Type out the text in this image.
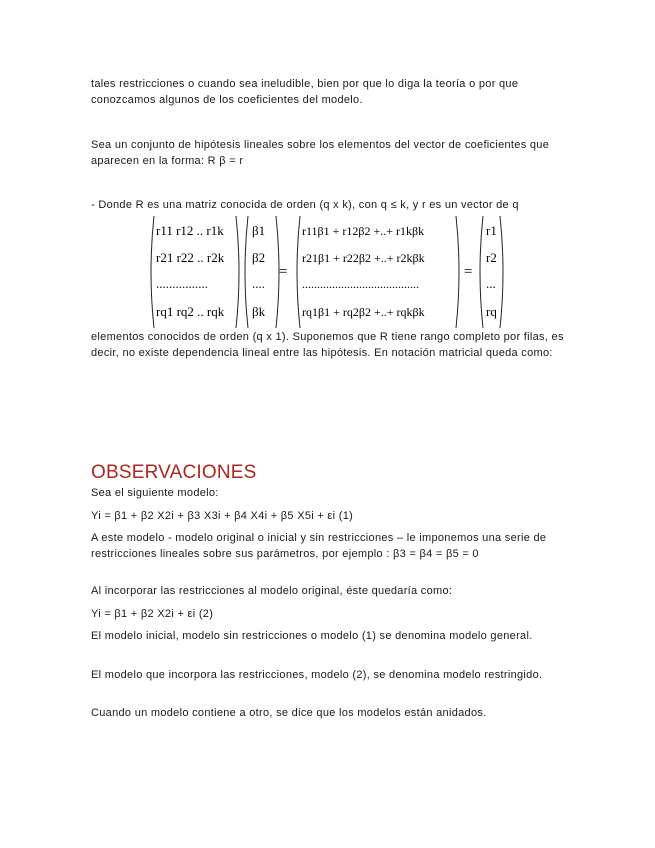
tales restricciones o cuando sea ineludible, bien por que lo diga la teoría o por que conozcamos algunos de los coeficientes del modelo.

Sea un conjunto de hipótesis lineales sobre los elementos del vector de coeficientes que aparecen en la forma: R β = r

- Donde R es una matriz conocida de orden (q x k), con q ≤ k, y r es un vector de q

r11 r12 .. r1k
r21 r22 .. r2k
................
rq1 rq2 .. rqk
β1
β2
....
βk
=
r11β1 + r12β2 +..+ r1kβk
r21β1 + r22β2 +..+ r2kβk
.......................................
rq1β1 + rq2β2 +..+ rqkβk
=
r1
r2
...
rq

elementos conocidos de orden (q x 1). Suponemos que R tiene rango completo por filas, es decir, no existe dependencia lineal entre las hipótesis. En notación matricial queda como:

OBSERVACIONES

Sea el siguiente modelo:

Yi = β1 + β2 X2i + β3 X3i + β4 X4i + β5 X5i + εi (1)

A este modelo - modelo original o inicial y sin restricciones – le imponemos una serie de restricciones lineales sobre sus parámetros, por ejemplo : β3 = β4 = β5 = 0

Al incorporar las restricciones al modelo original, éste quedaría como:

Yi = β1 + β2 X2i + εi (2)

El modelo inicial, modelo sin restricciones o modelo (1) se denomina modelo general.

El modelo que incorpora las restricciones, modelo (2), se denomina modelo restringido.

Cuando un modelo contiene a otro, se dice que los modelos están anidados.
